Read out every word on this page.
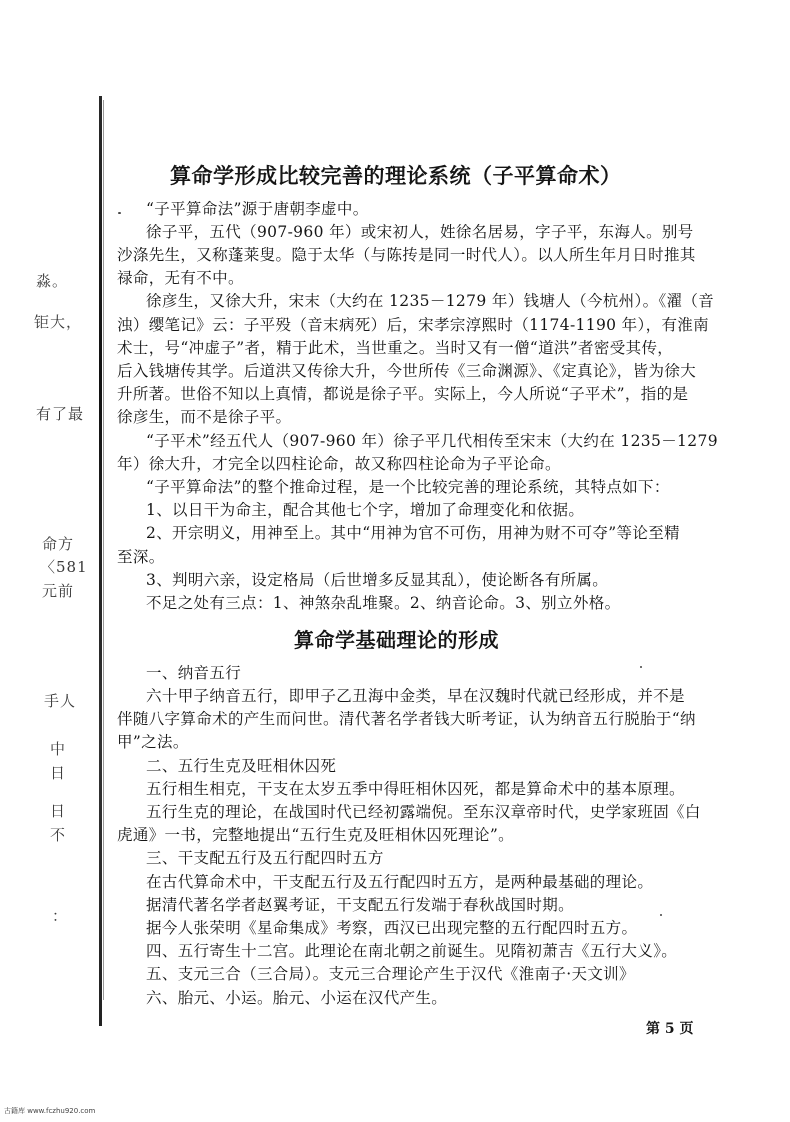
淼。
钜大，
有了最
命方
〈581
元前
手人
中
日
日
不
：
算命学形成比较完善的理论系统（子平算命术）
“子平算命法”源于唐朝李虚中。
徐子平，五代（907-960 年）或宋初人，姓徐名居易，字子平，东海人。别号
沙涤先生，又称蓬莱叟。隐于太华（与陈抟是同一时代人）。以人所生年月日时推其
禄命，无有不中。
徐彦生，又徐大升，宋末（大约在 1235－1279 年）钱塘人（今杭州）。《濯（音
浊）缨笔记》云：子平殁（音末病死）后，宋孝宗淳熙时（1174-1190 年），有淮南
术士，号“冲虚子”者，精于此术，当世重之。当时又有一僧“道洪”者密受其传，
后入钱塘传其学。后道洪又传徐大升，今世所传《三命渊源》、《定真论》，皆为徐大
升所著。世俗不知以上真情，都说是徐子平。实际上，今人所说“子平术”，指的是
徐彦生，而不是徐子平。
“子平术”经五代人（907-960 年）徐子平几代相传至宋末（大约在 1235－1279
年）徐大升，才完全以四柱论命，故又称四柱论命为子平论命。
“子平算命法”的整个推命过程，是一个比较完善的理论系统，其特点如下：
1、以日干为命主，配合其他七个字，增加了命理变化和依据。
2、开宗明义，用神至上。其中“用神为官不可伤，用神为财不可夺”等论至精
至深。
3、判明六亲，设定格局（后世增多反显其乱），使论断各有所属。
不足之处有三点：1、神煞杂乱堆聚。2、纳音论命。3、别立外格。
算命学基础理论的形成
一、纳音五行
六十甲子纳音五行，即甲子乙丑海中金类，早在汉魏时代就已经形成，并不是
伴随八字算命术的产生而问世。清代著名学者钱大昕考证，认为纳音五行脱胎于“纳
甲”之法。
二、五行生克及旺相休囚死
五行相生相克，干支在太岁五季中得旺相休囚死，都是算命术中的基本原理。
五行生克的理论，在战国时代已经初露端倪。至东汉章帝时代，史学家班固《白
虎通》一书，完整地提出“五行生克及旺相休囚死理论”。
三、干支配五行及五行配四时五方
在古代算命术中，干支配五行及五行配四时五方，是两种最基础的理论。
据清代著名学者赵翼考证，干支配五行发端于春秋战国时期。
据今人张荣明《星命集成》考察，西汉已出现完整的五行配四时五方。
四、五行寄生十二宫。此理论在南北朝之前诞生。见隋初萧吉《五行大义》。
五、支元三合（三合局）。支元三合理论产生于汉代《淮南子·天文训》
六、胎元、小运。胎元、小运在汉代产生。
第 5 页
古籍库 www.fczhu920.com
